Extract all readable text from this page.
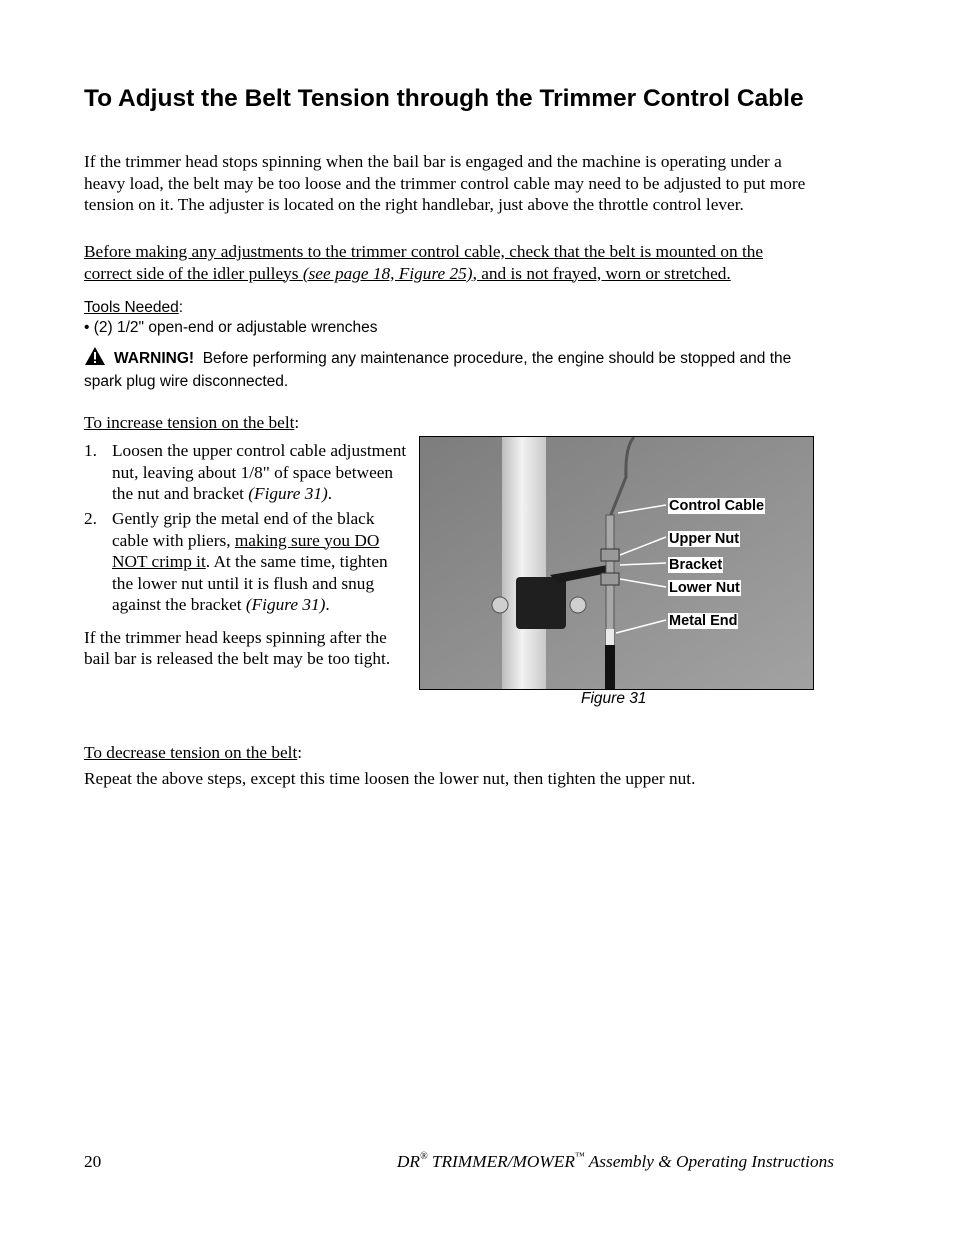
To Adjust the Belt Tension through the Trimmer Control Cable
If the trimmer head stops spinning when the bail bar is engaged and the machine is operating under a heavy load, the belt may be too loose and the trimmer control cable may need to be adjusted to put more tension on it. The adjuster is located on the right handlebar, just above the throttle control lever.
Before making any adjustments to the trimmer control cable, check that the belt is mounted on the correct side of the idler pulleys (see page 18, Figure 25), and is not frayed, worn or stretched.
Tools Needed:
• (2) 1/2" open-end or adjustable wrenches
WARNING! Before performing any maintenance procedure, the engine should be stopped and the spark plug wire disconnected.
To increase tension on the belt:
1. Loosen the upper control cable adjustment nut, leaving about 1/8" of space between the nut and bracket (Figure 31).
2. Gently grip the metal end of the black cable with pliers, making sure you DO NOT crimp it. At the same time, tighten the lower nut until it is flush and snug against the bracket (Figure 31).
If the trimmer head keeps spinning after the bail bar is released the belt may be too tight.
Control Cable
Upper Nut
Bracket
Lower Nut
Metal End
Figure 31
To decrease tension on the belt:
Repeat the above steps, except this time loosen the lower nut, then tighten the upper nut.
20	DR® TRIMMER/MOWER™ Assembly & Operating Instructions
